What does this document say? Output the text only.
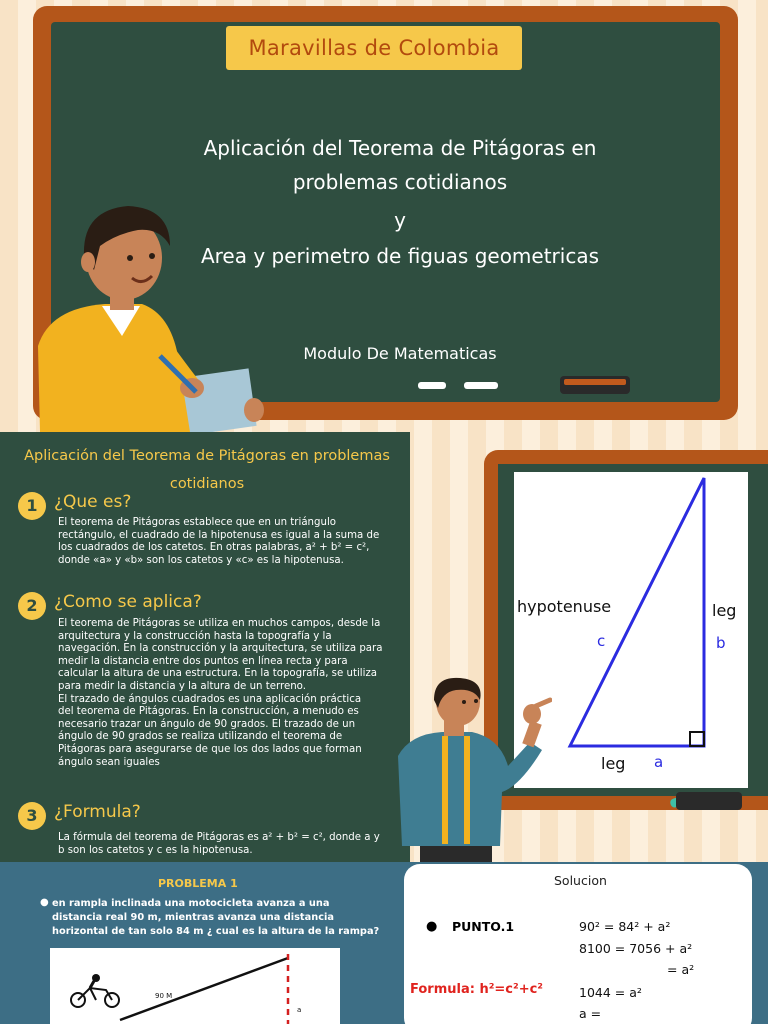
Maravillas de Colombia
Aplicación del Teorema de Pitágoras en
problemas cotidianos
y
Area y perimetro de figuas geometricas
Modulo De Matematicas
Aplicación del Teorema de Pitágoras en problemas
cotidianos
1 ¿Que es?
El teorema de Pitágoras establece que en un triángulo
rectángulo, el cuadrado de la hipotenusa es igual a la suma de
los cuadrados de los catetos. En otras palabras, a² + b² = c²,
donde «a» y «b» son los catetos y «c» es la hipotenusa.
2 ¿Como se aplica?
El teorema de Pitágoras se utiliza en muchos campos, desde la
arquitectura y la construcción hasta la topografía y la
navegación. En la construcción y la arquitectura, se utiliza para
medir la distancia entre dos puntos en línea recta y para
calcular la altura de una estructura. En la topografía, se utiliza
para medir la distancia y la altura de un terreno.
El trazado de ángulos cuadrados es una aplicación práctica
del teorema de Pitágoras. En la construcción, a menudo es
necesario trazar un ángulo de 90 grados. El trazado de un
ángulo de 90 grados se realiza utilizando el teorema de
Pitágoras para asegurarse de que los dos lados que forman
ángulo sean iguales
3 ¿Formula?
La fórmula del teorema de Pitágoras es a² + b² = c², donde a y
b son los catetos y c es la hipotenusa.
hypotenuse
c
leg
b
leg a
PROBLEMA 1
● en rampla inclinada una motocicleta avanza a una
distancia real 90 m, mientras avanza una distancia
horizontal de tan solo 84 m ¿ cual es la altura de la rampa?
90 M
a
Solucion
● PUNTO.1
Formula: h²=c²+c²
90² = 84² + a²
8100 = 7056 + a²
= a²
1044 = a²
a =
